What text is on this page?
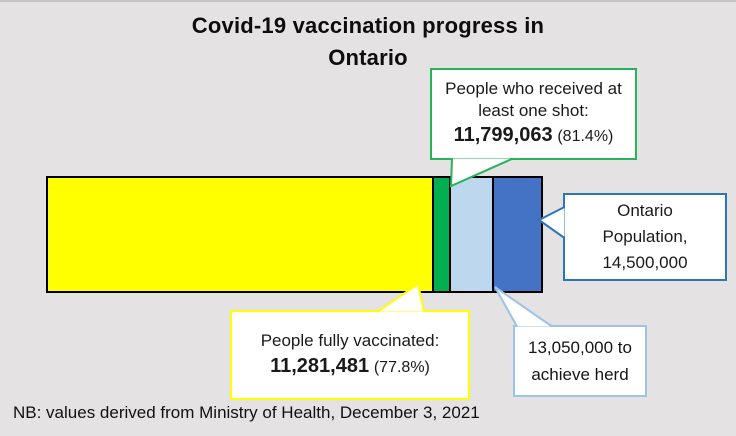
Covid-19 vaccination progress in
Ontario
People who received at
least one shot:
11,799,063 (81.4%)
People fully vaccinated:
11,281,481 (77.8%)
Ontario
Population,
14,500,000
13,050,000 to
achieve herd
NB: values derived from Ministry of Health, December 3, 2021
